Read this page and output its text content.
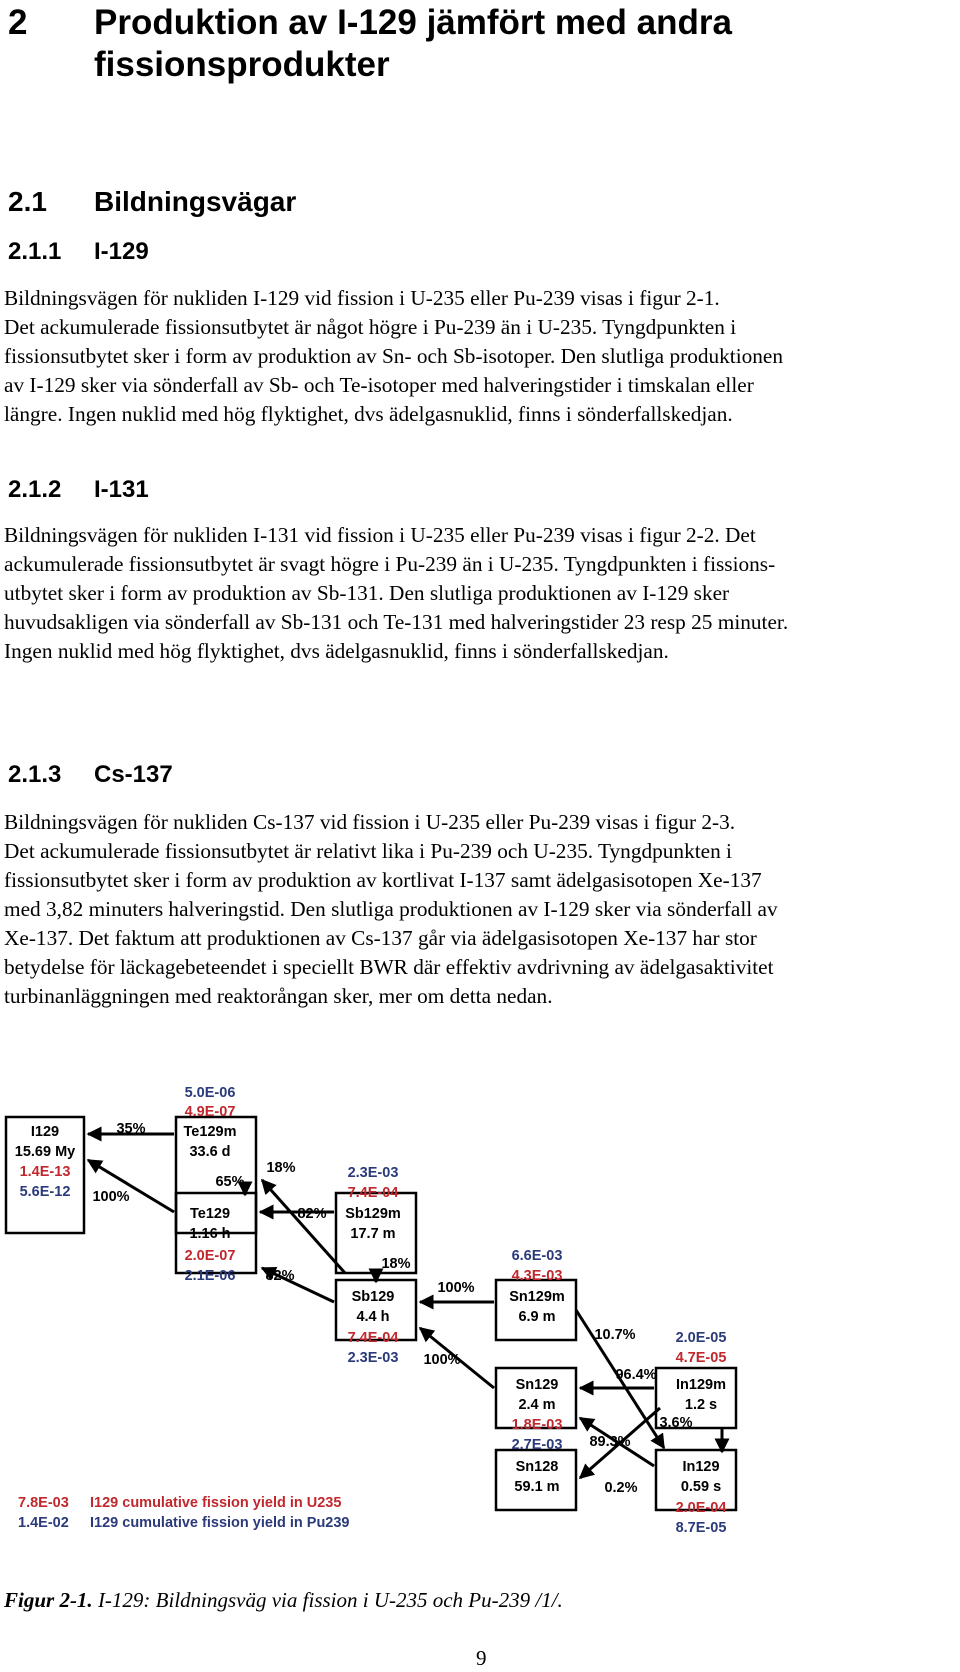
2 Produktion av I-129 jämfört med andra fissionsprodukter
2.1 Bildningsvägar
2.1.1 I-129
Bildningsvägen för nukliden I-129 vid fission i U-235 eller Pu-239 visas i figur 2-1.
Det ackumulerade fissionsutbytet är något högre i Pu-239 än i U-235. Tyngdpunkten i
fissionsutbytet sker i form av produktion av Sn- och Sb-isotoper. Den slutliga produktionen
av I-129 sker via sönderfall av Sb- och Te-isotoper med halveringstider i timskalan eller
längre. Ingen nuklid med hög flyktighet, dvs ädelgasnuklid, finns i sönderfallskedjan.
2.1.2 I-131
Bildningsvägen för nukliden I-131 vid fission i U-235 eller Pu-239 visas i figur 2-2. Det
ackumulerade fissionsutbytet är svagt högre i Pu-239 än i U-235. Tyngdpunkten i fissions-
utbytet sker i form av produktion av Sb-131. Den slutliga produktionen av I-129 sker
huvudsakligen via sönderfall av Sb-131 och Te-131 med halveringstider 23 resp 25 minuter.
Ingen nuklid med hög flyktighet, dvs ädelgasnuklid, finns i sönderfallskedjan.
2.1.3 Cs-137
Bildningsvägen för nukliden Cs-137 vid fission i U-235 eller Pu-239 visas i figur 2-3.
Det ackumulerade fissionsutbytet är relativt lika i Pu-239 och U-235. Tyngdpunkten i
fissionsutbytet sker i form av produktion av kortlivat I-137 samt ädelgasisotopen Xe-137
med 3,82 minuters halveringstid. Den slutliga produktionen av I-129 sker via sönderfall av
Xe-137. Det faktum att produktionen av Cs-137 går via ädelgasisotopen Xe-137 har stor
betydelse för läckagebeteendet i speciellt BWR där effektiv avdrivning av ädelgasaktivitet
turbinanläggningen med reaktorångan sker, mer om detta nedan.
I129
15.69 My
1.4E-13
5.6E-12
5.0E-06
4.9E-07
Te129m
33.6 d
Te129
1.16 h
2.0E-07
2.1E-06
2.3E-03
7.4E-04
Sb129m
17.7 m
Sb129
4.4 h
7.4E-04
2.3E-03
6.6E-03
4.3E-03
Sn129m
6.9 m
Sn129
2.4 m
1.8E-03
2.7E-03
2.0E-05
4.7E-05
In129m
1.2 s
Sn128
59.1 m
In129
0.59 s
2.0E-04
8.7E-05
35%
100%
65%
18%
82%
82%
18%
100%
100%
10.7%
96.4%
3.6%
89.3%
0.2%
7.8E-03 I129 cumulative fission yield in U235
1.4E-02 I129 cumulative fission yield in Pu239
Figur 2-1. I-129: Bildningsväg via fission i U-235 och Pu-239 /1/.
9
